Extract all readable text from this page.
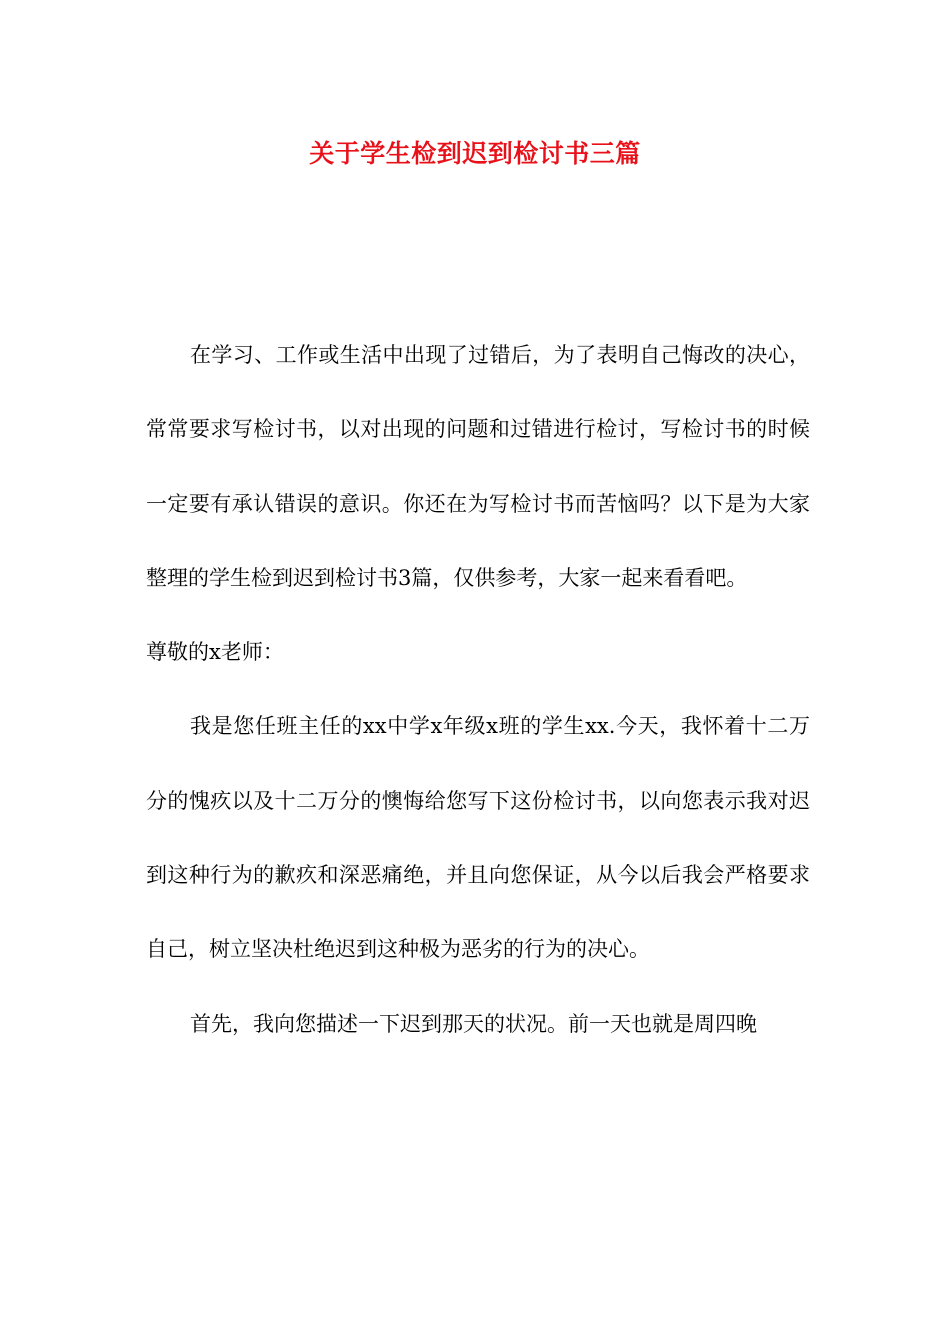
关于学生检到迟到检讨书三篇

在学习、工作或生活中出现了过错后，为了表明自己悔改的决心，常常要求写检讨书，以对出现的问题和过错进行检讨，写检讨书的时候一定要有承认错误的意识。你还在为写检讨书而苦恼吗？以下是为大家整理的学生检到迟到检讨书3篇，仅供参考，大家一起来看看吧。

尊敬的x老师：

我是您任班主任的xx中学x年级x班的学生xx.今天，我怀着十二万分的愧疚以及十二万分的懊悔给您写下这份检讨书，以向您表示我对迟到这种行为的歉疚和深恶痛绝，并且向您保证，从今以后我会严格要求自己，树立坚决杜绝迟到这种极为恶劣的行为的决心。

首先，我向您描述一下迟到那天的状况。前一天也就是周四晚
